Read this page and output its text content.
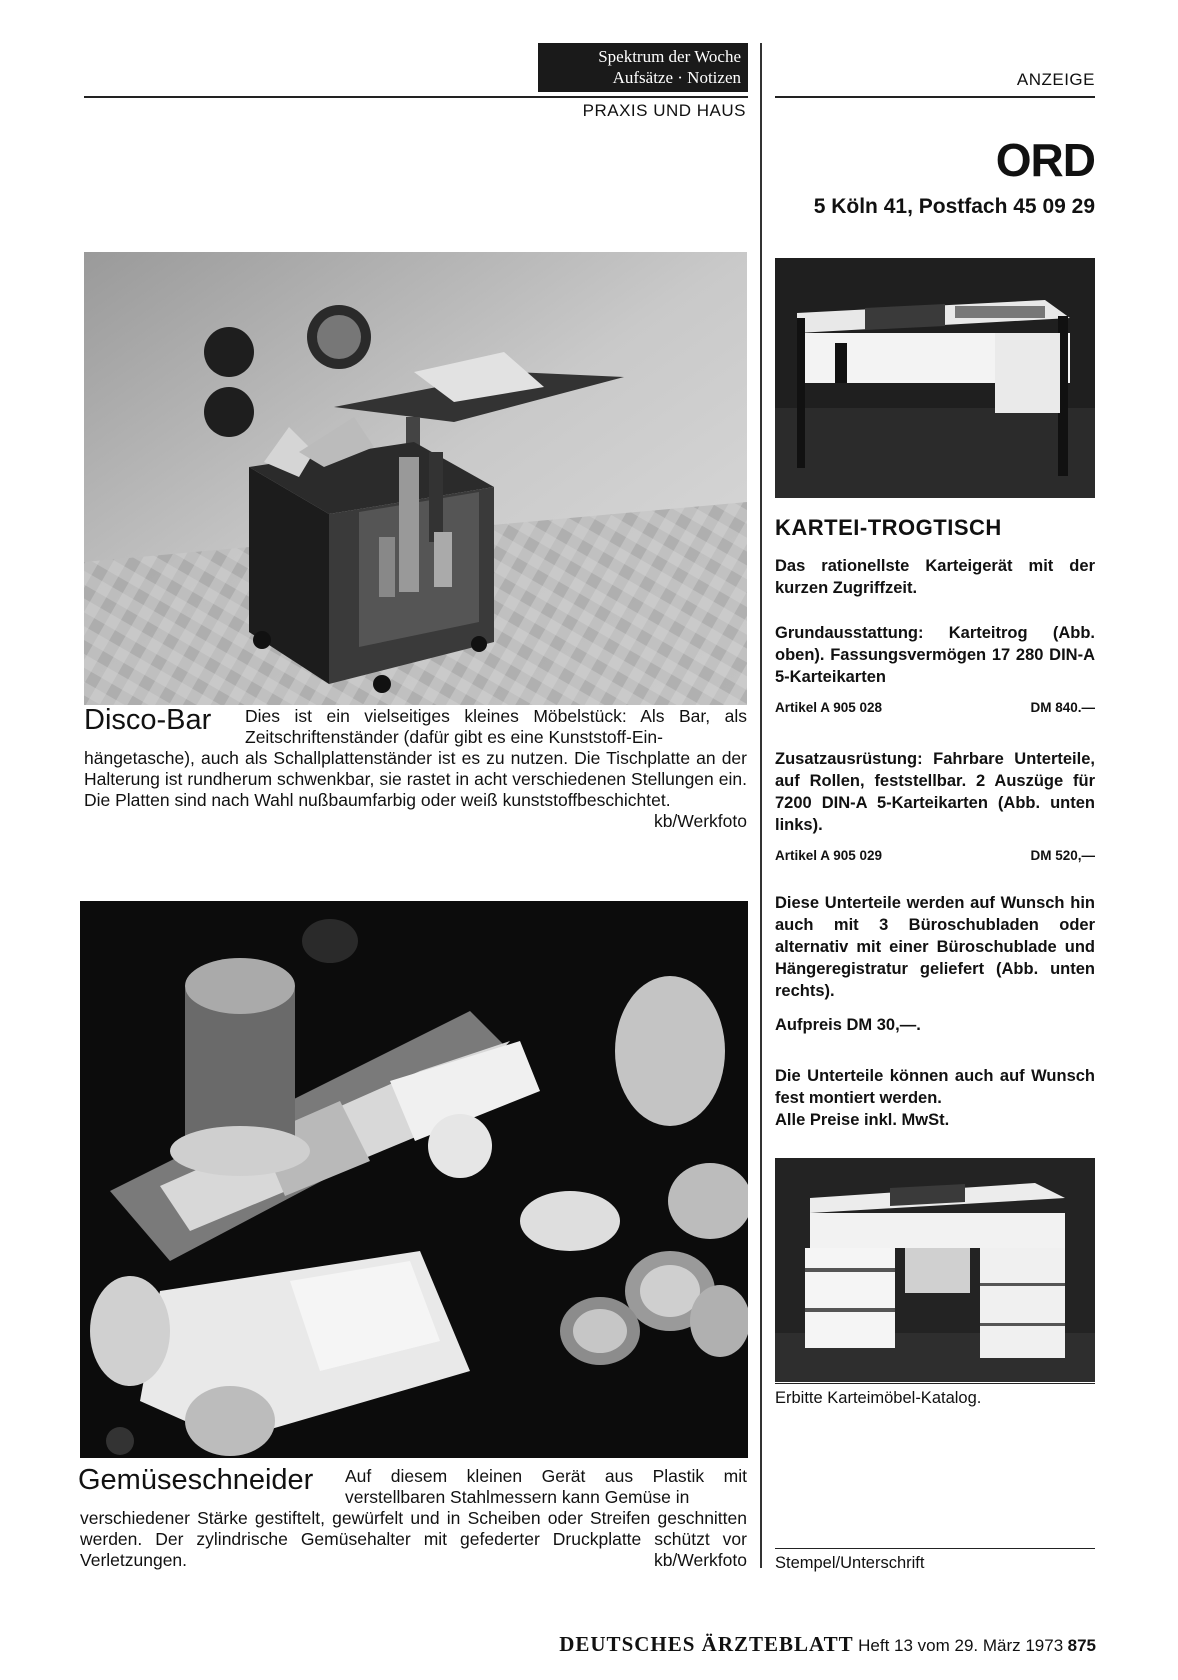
Spektrum der Woche
Aufsätze · Notizen
PRAXIS UND HAUS
ANZEIGE
Disco-Bar Dies ist ein vielseitiges kleines Möbelstück: Als Bar, als Zeitschriftenständer (dafür gibt es eine Kunststoff-Ein-
hängetasche), auch als Schallplattenständer ist es zu nutzen. Die Tischplatte an der Halterung ist rundherum schwenkbar, sie rastet in acht verschiedenen Stellungen ein. Die Platten sind nach Wahl nußbaumfarbig oder weiß kunststoffbeschichtet.
kb/Werkfoto
Gemüseschneider Auf diesem kleinen Gerät aus Plastik mit verstellbaren Stahlmessern kann Gemüse in
verschiedener Stärke gestiftelt, gewürfelt und in Scheiben oder Streifen geschnitten werden. Der zylindrische Gemüsehalter mit gefederter Druckplatte schützt vor Verletzungen.	kb/Werkfoto
ORD
5 Köln 41, Postfach 45 09 29
KARTEI-TROGTISCH
Das rationellste Karteigerät mit der kurzen Zugriffzeit.
Grundausstattung: Karteitrog (Abb. oben). Fassungsvermögen 17 280 DIN-A 5-Karteikarten
Artikel A 905 028	DM 840.—
Zusatzausrüstung: Fahrbare Unterteile, auf Rollen, feststellbar. 2 Auszüge für 7200 DIN-A 5-Karteikarten (Abb. unten links).
Artikel A 905 029	DM 520,—
Diese Unterteile werden auf Wunsch hin auch mit 3 Büroschubladen oder alternativ mit einer Büroschublade und Hängeregistratur geliefert (Abb. unten rechts).
Aufpreis DM 30,—.
Die Unterteile können auch auf Wunsch fest montiert werden.
Alle Preise inkl. MwSt.
Erbitte Karteimöbel-Katalog.
Stempel/Unterschrift
DEUTSCHES ÄRZTEBLATT Heft 13 vom 29. März 1973 875
